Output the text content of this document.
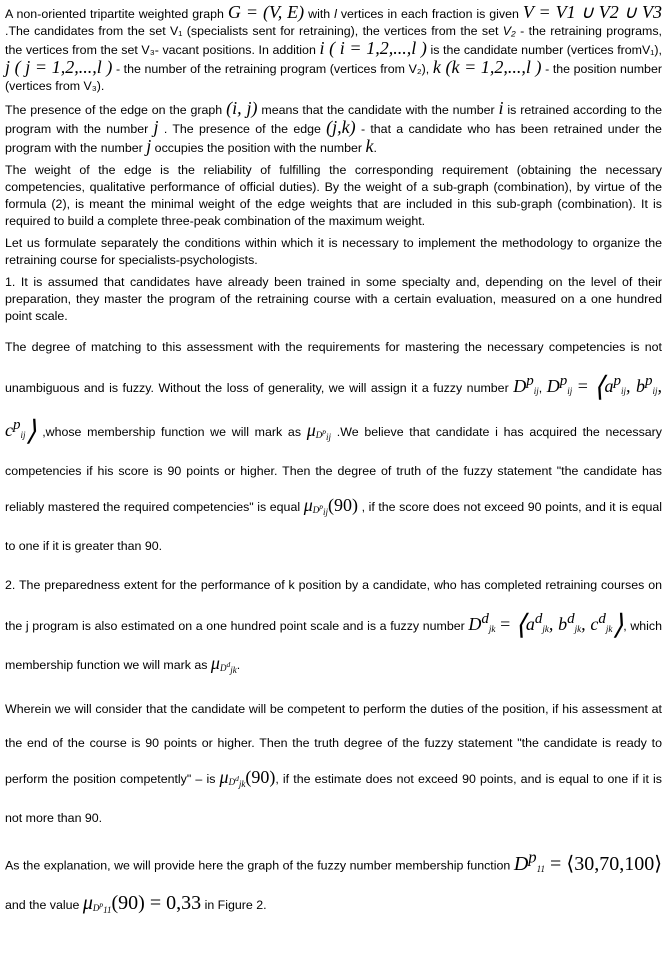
A non-oriented tripartite weighted graph G = (V, E) with l vertices in each fraction is given V = V1 ∪ V2 ∪ V3 .The candidates from the set V₁ (specialists sent for retraining), the vertices from the set V₂ - the retraining programs, the vertices from the set V₃- vacant positions. In addition i ( i = 1,2,...,l ) is the candidate number (vertices fromV₁), j ( j = 1,2,...,l ) - the number of the retraining program (vertices from V₂), k (k = 1,2,...,l ) - the position number (vertices from V₃).

The presence of the edge on the graph (i, j) means that the candidate with the number i is retrained according to the program with the number j . The presence of the edge (j,k) - that a candidate who has been retrained under the program with the number j occupies the position with the number k.

The weight of the edge is the reliability of fulfilling the corresponding requirement (obtaining the necessary competencies, qualitative performance of official duties). By the weight of a sub-graph (combination), by virtue of the formula (2), is meant the minimal weight of the edge weights that are included in this sub-graph (combination). It is required to build a complete three-peak combination of the maximum weight.

Let us formulate separately the conditions within which it is necessary to implement the methodology to organize the retraining course for specialists-psychologists.

1. It is assumed that candidates have already been trained in some specialty and, depending on the level of their preparation, they master the program of the retraining course with a certain evaluation, measured on a one hundred point scale.

The degree of matching to this assessment with the requirements for mastering the necessary competencies is not unambiguous and is fuzzy. Without the loss of generality, we will assign it a fuzzy number $D^p_{ij}$, $D^p_{ij}$ = $⟨a^p_{ij}$, $b^p_{ij}$, $c^p_{ij}⟩$ ,whose membership function we will mark as $\mu_{D^p_{ij}}$ .We believe that candidate i has acquired the necessary competencies if his score is 90 points or higher. Then the degree of truth of the fuzzy statement "the candidate has reliably mastered the required competencies" is equal $\mu_{D^p_{ij}}(90)$ , if the score does not exceed 90 points, and it is equal to one if it is greater than 90.

2. The preparedness extent for the performance of k position by a candidate, who has completed retraining courses on the j program is also estimated on a one hundred point scale and is a fuzzy number $D^d_{jk}$ = $⟨a^d_{jk}$, $b^d_{jk}$, $c^d_{jk}⟩$, which membership function we will mark as $\mu_{D^d_{jk}}$.

Wherein we will consider that the candidate will be competent to perform the duties of the position, if his assessment at the end of the course is 90 points or higher. Then the truth degree of the fuzzy statement "the candidate is ready to perform the position competently" – is $\mu_{D^d_{jk}}(90)$, if the estimate does not exceed 90 points, and is equal to one if it is not more than 90.

As the explanation, we will provide here the graph of the fuzzy number membership function $D^p_{11}$ = ⟨30,70,100⟩ and the value $\mu_{D^p_{11}}(90) = 0,33$ in Figure 2.
